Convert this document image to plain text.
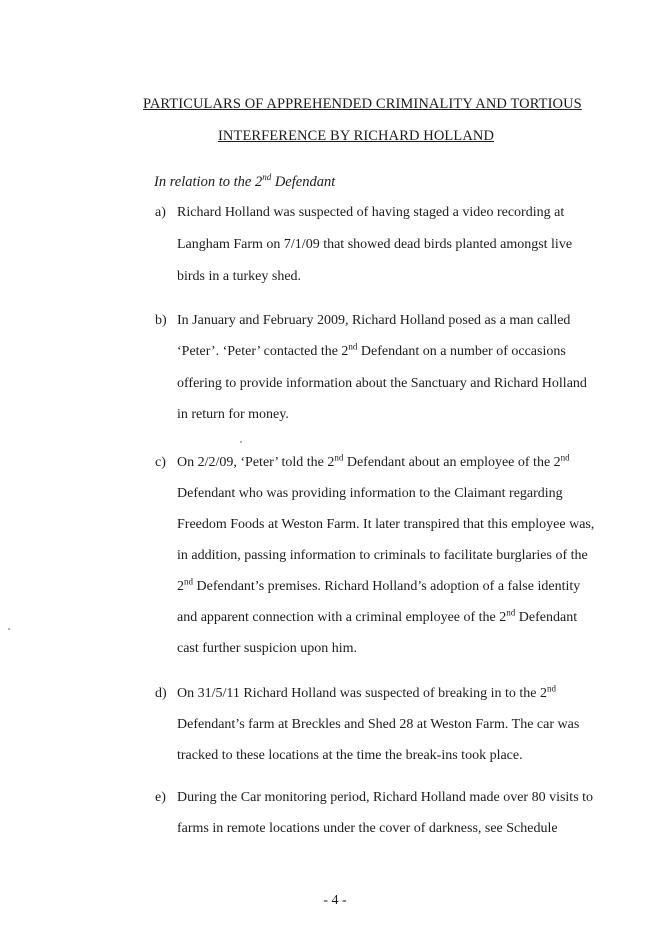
PARTICULARS OF APPREHENDED CRIMINALITY AND TORTIOUS
INTERFERENCE BY RICHARD HOLLAND
In relation to the 2nd Defendant
a) Richard Holland was suspected of having staged a video recording at
Langham Farm on 7/1/09 that showed dead birds planted amongst live
birds in a turkey shed.
b) In January and February 2009, Richard Holland posed as a man called
‘Peter’. ‘Peter’ contacted the 2nd Defendant on a number of occasions
offering to provide information about the Sanctuary and Richard Holland
in return for money.
c) On 2/2/09, ‘Peter’ told the 2nd Defendant about an employee of the 2nd
Defendant who was providing information to the Claimant regarding
Freedom Foods at Weston Farm. It later transpired that this employee was,
in addition, passing information to criminals to facilitate burglaries of the
2nd Defendant’s premises. Richard Holland’s adoption of a false identity
and apparent connection with a criminal employee of the 2nd Defendant
cast further suspicion upon him.
d) On 31/5/11 Richard Holland was suspected of breaking in to the 2nd
Defendant’s farm at Breckles and Shed 28 at Weston Farm. The car was
tracked to these locations at the time the break-ins took place.
e) During the Car monitoring period, Richard Holland made over 80 visits to
farms in remote locations under the cover of darkness, see Schedule
- 4 -
